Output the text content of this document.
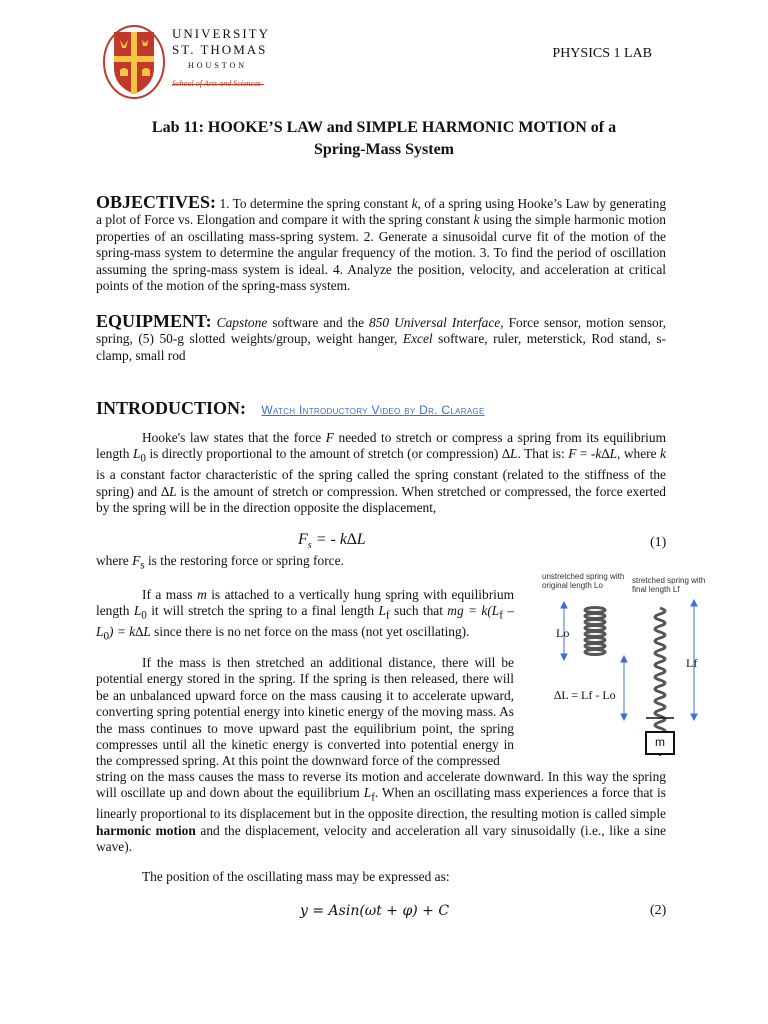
UNIVERSITY
ST. THOMAS
HOUSTON
PHYSICS 1 LAB
Lab 11: HOOKE’S LAW and SIMPLE HARMONIC MOTION of a
Spring-Mass System
OBJECTIVES: 1. To determine the spring constant k, of a spring using Hooke’s Law by generating a plot of Force vs. Elongation and compare it with the spring constant k using the simple harmonic motion properties of an oscillating mass-spring system. 2. Generate a sinusoidal curve fit of the motion of the spring-mass system to determine the angular frequency of the motion. 3. To find the period of oscillation assuming the spring-mass system is ideal. 4. Analyze the position, velocity, and acceleration at critical points of the motion of the spring-mass system.
EQUIPMENT: Capstone software and the 850 Universal Interface, Force sensor, motion sensor, spring, (5) 50-g slotted weights/group, weight hanger, Excel software, ruler, meterstick, Rod stand, s-clamp, small rod
INTRODUCTION: Watch Introductory Video by Dr. Clarage
Hooke's law states that the force F needed to stretch or compress a spring from its equilibrium length $L_0$ is directly proportional to the amount of stretch (or compression) ∆L. That is: F = -k∆L, where k is a constant factor characteristic of the spring called the spring constant (related to the stiffness of the spring) and ∆L is the amount of stretch or compression. When stretched or compressed, the force exerted by the spring will be in the direction opposite the displacement,
$F_s$ = - k∆L	(1)
where $F_s$ is the restoring force or spring force.
If a mass m is attached to a vertically hung spring with equilibrium length $L_0$ it will stretch the spring to a final length $L_f$ such that mg = $k(L_f - L_0) = k\Delta L$ since there is no net force on the mass (not yet oscillating).
If the mass is then stretched an additional distance, there will be potential energy stored in the spring. If the spring is then released, there will be an unbalanced upward force on the mass causing it to accelerate upward, converting spring potential energy into kinetic energy of the moving mass. As the mass continues to move upward past the equilibrium point, the spring compresses until all the kinetic energy is converted into potential energy in the compressed spring. At this point the downward force of the compressed
string on the mass causes the mass to reverse its motion and accelerate downward. In this way the spring will oscillate up and down about the equilibrium $L_f$. When an oscillating mass experiences a force that is linearly proportional to its displacement but in the opposite direction, the resulting motion is called simple harmonic motion and the displacement, velocity and acceleration all vary sinusoidally (i.e., like a sine wave).
The position of the oscillating mass may be expressed as:
y = Asin(ωt + φ) + C	(2)
unstretched spring with original length Lo
stretched spring with final length Lf
Lo
Lf
∆L = Lf - Lo
m
